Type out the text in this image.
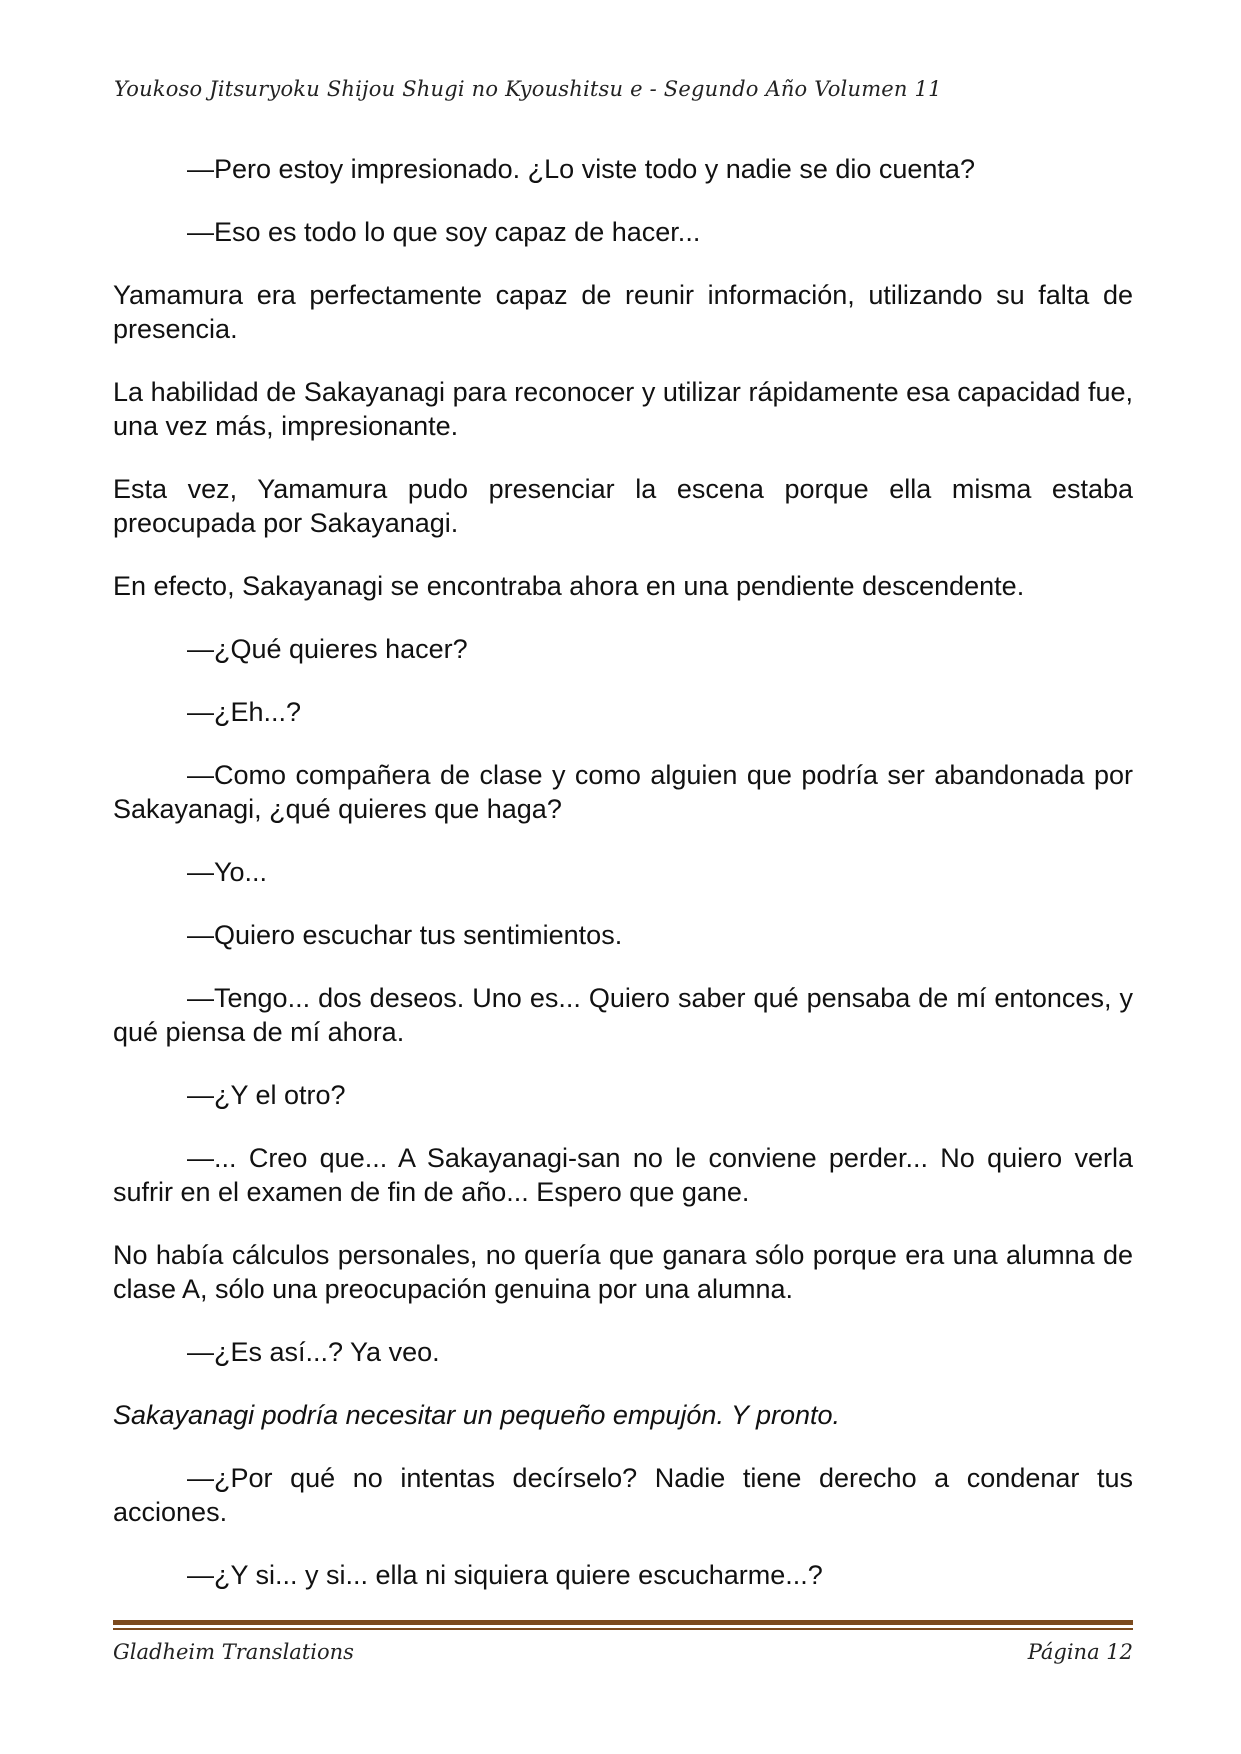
Youkoso Jitsuryoku Shijou Shugi no Kyoushitsu e - Segundo Año Volumen 11

—Pero estoy impresionado. ¿Lo viste todo y nadie se dio cuenta?

—Eso es todo lo que soy capaz de hacer...

Yamamura era perfectamente capaz de reunir información, utilizando su falta de presencia.

La habilidad de Sakayanagi para reconocer y utilizar rápidamente esa capacidad fue, una vez más, impresionante.

Esta vez, Yamamura pudo presenciar la escena porque ella misma estaba preocupada por Sakayanagi.

En efecto, Sakayanagi se encontraba ahora en una pendiente descendente.

—¿Qué quieres hacer?

—¿Eh...?

—Como compañera de clase y como alguien que podría ser abandonada por Sakayanagi, ¿qué quieres que haga?

—Yo...

—Quiero escuchar tus sentimientos.

—Tengo... dos deseos. Uno es... Quiero saber qué pensaba de mí entonces, y qué piensa de mí ahora.

—¿Y el otro?

—... Creo que... A Sakayanagi-san no le conviene perder... No quiero verla sufrir en el examen de fin de año... Espero que gane.

No había cálculos personales, no quería que ganara sólo porque era una alumna de clase A, sólo una preocupación genuina por una alumna.

—¿Es así...? Ya veo.

Sakayanagi podría necesitar un pequeño empujón. Y pronto.

—¿Por qué no intentas decírselo? Nadie tiene derecho a condenar tus acciones.

—¿Y si... y si... ella ni siquiera quiere escucharme...?

Gladheim Translations	Página 12
